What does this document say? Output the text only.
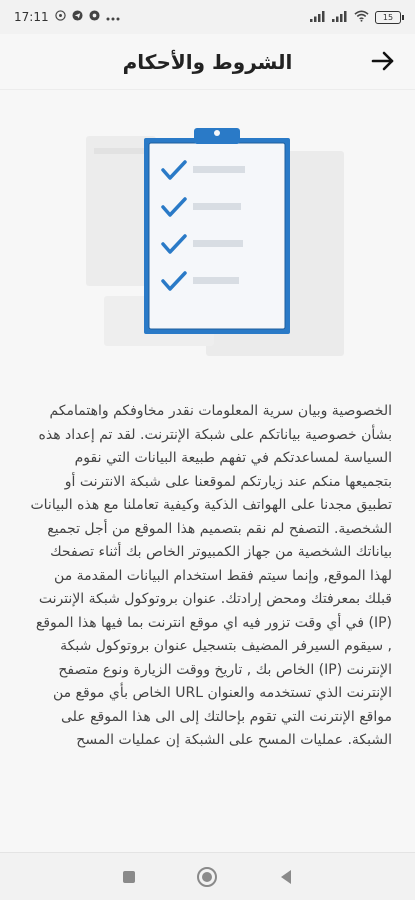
17:11	15
الشروط والأحكام

الخصوصية وبيان سرية المعلومات نقدر مخاوفكم واهتمامكم بشأن خصوصية بياناتكم على شبكة الإنترنت. لقد تم إعداد هذه السياسة لمساعدتكم في تفهم طبيعة البيانات التي نقوم بتجميعها منكم عند زيارتكم لموقعنا على شبكة الانترنت أو تطبيق مجدنا على الهواتف الذكية وكيفية تعاملنا مع هذه البيانات الشخصية. التصفح لم نقم بتصميم هذا الموقع من أجل تجميع بياناتك الشخصية من جهاز الكمبيوتر الخاص بك أثناء تصفحك لهذا الموقع, وإنما سيتم فقط استخدام البيانات المقدمة من قبلك بمعرفتك ومحض إرادتك. عنوان بروتوكول شبكة الإنترنت (IP) في أي وقت تزور فيه اي موقع انترنت بما فيها هذا الموقع , سيقوم السيرفر المضيف بتسجيل عنوان بروتوكول شبكة الإنترنت (IP) الخاص بك , تاريخ ووقت الزيارة ونوع متصفح الإنترنت الذي تستخدمه والعنوان URL الخاص بأي موقع من مواقع الإنترنت التي تقوم بإحالتك إلى الى هذا الموقع على الشبكة. عمليات المسح على الشبكة إن عمليات المسح
